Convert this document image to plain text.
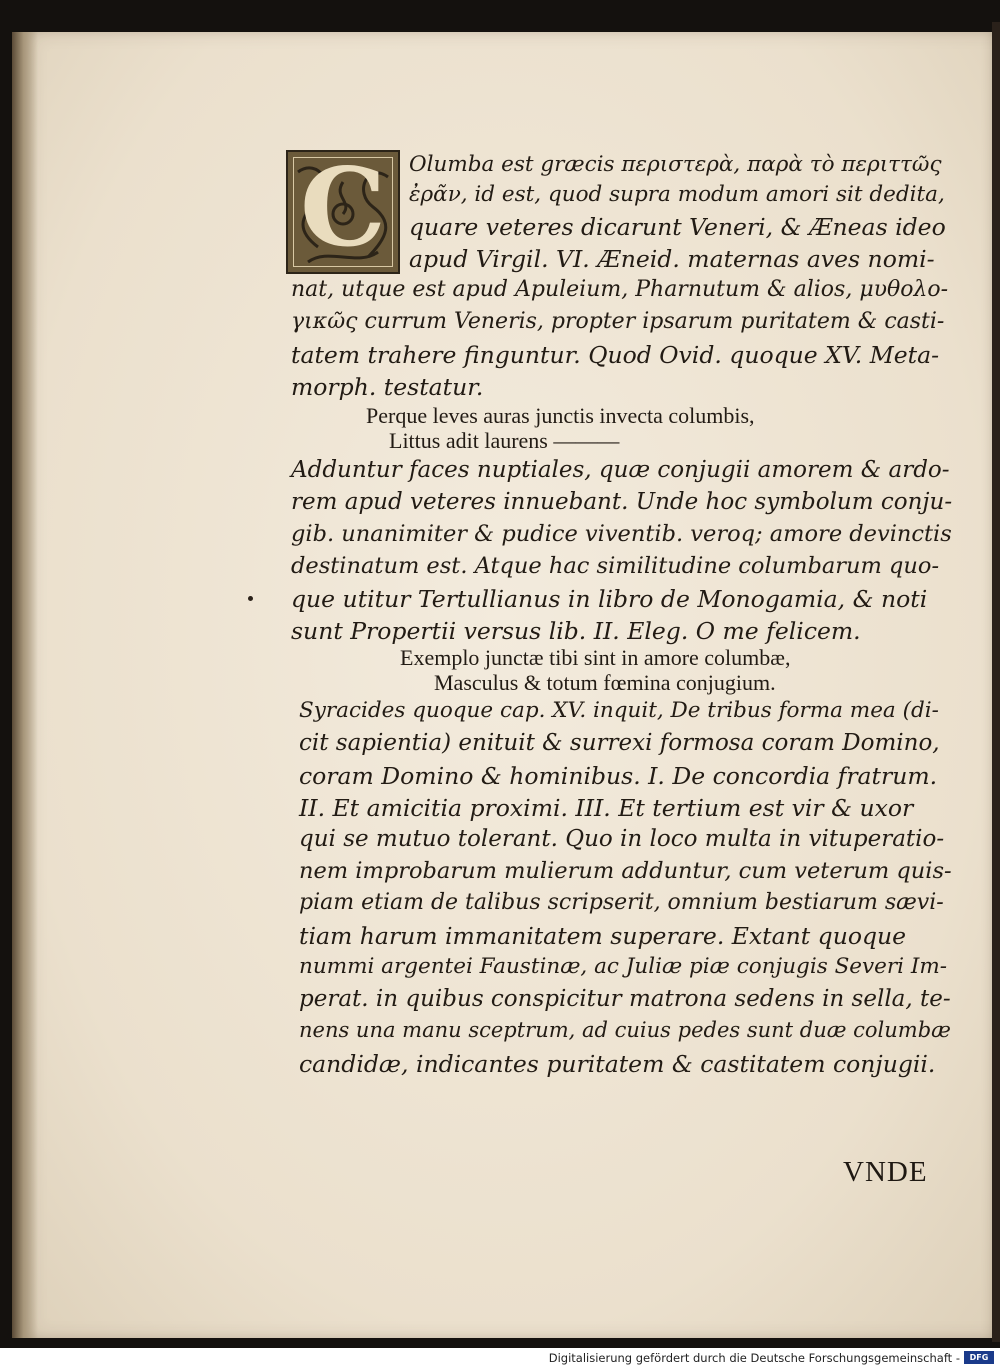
C	Olumba est græcis περιστερὰ, παρὰ τὸ περιττῶς
ἐρᾶν, id est, quod supra modum amori sit dedita,
quare veteres dicarunt Veneri, & Æneas ideo
apud Virgil. VI. Æneid. maternas aves nomi-
nat, utque est apud Apuleium, Pharnutum & alios, μυθολο-
γικῶς currum Veneris, propter ipsarum puritatem & casti-
tatem trahere finguntur. Quod Ovid. quoque XV. Meta-
morph. testatur.
Perque leves auras junctis invecta columbis,
Littus adit laurens ———
Adduntur faces nuptiales, quæ conjugii amorem & ardo-
rem apud veteres innuebant. Unde hoc symbolum conju-
gib. unanimiter & pudice viventib. veroq; amore devinctis
destinatum est. Atque hac similitudine columbarum quo-
que utitur Tertullianus in libro de Monogamia, & noti
sunt Propertii versus lib. II. Eleg. O me felicem.
Exemplo junctæ tibi sint in amore columbæ,
Masculus & totum fœmina conjugium.
Syracides quoque cap. XV. inquit, De tribus forma mea (di-
cit sapientia) enituit & surrexi formosa coram Domino,
coram Domino & hominibus. I. De concordia fratrum.
II. Et amicitia proximi. III. Et tertium est vir & uxor
qui se mutuo tolerant. Quo in loco multa in vituperatio-
nem improbarum mulierum adduntur, cum veterum quis-
piam etiam de talibus scripserit, omnium bestiarum sævi-
tiam harum immanitatem superare. Extant quoque
nummi argentei Faustinæ, ac Juliæ piæ conjugis Severi Im-
perat. in quibus conspicitur matrona sedens in sella, te-
nens una manu sceptrum, ad cuius pedes sunt duæ columbæ
candidæ, indicantes puritatem & castitatem conjugii.
VNDE
Digitalisierung gefördert durch die Deutsche Forschungsgemeinschaft -	DFG
